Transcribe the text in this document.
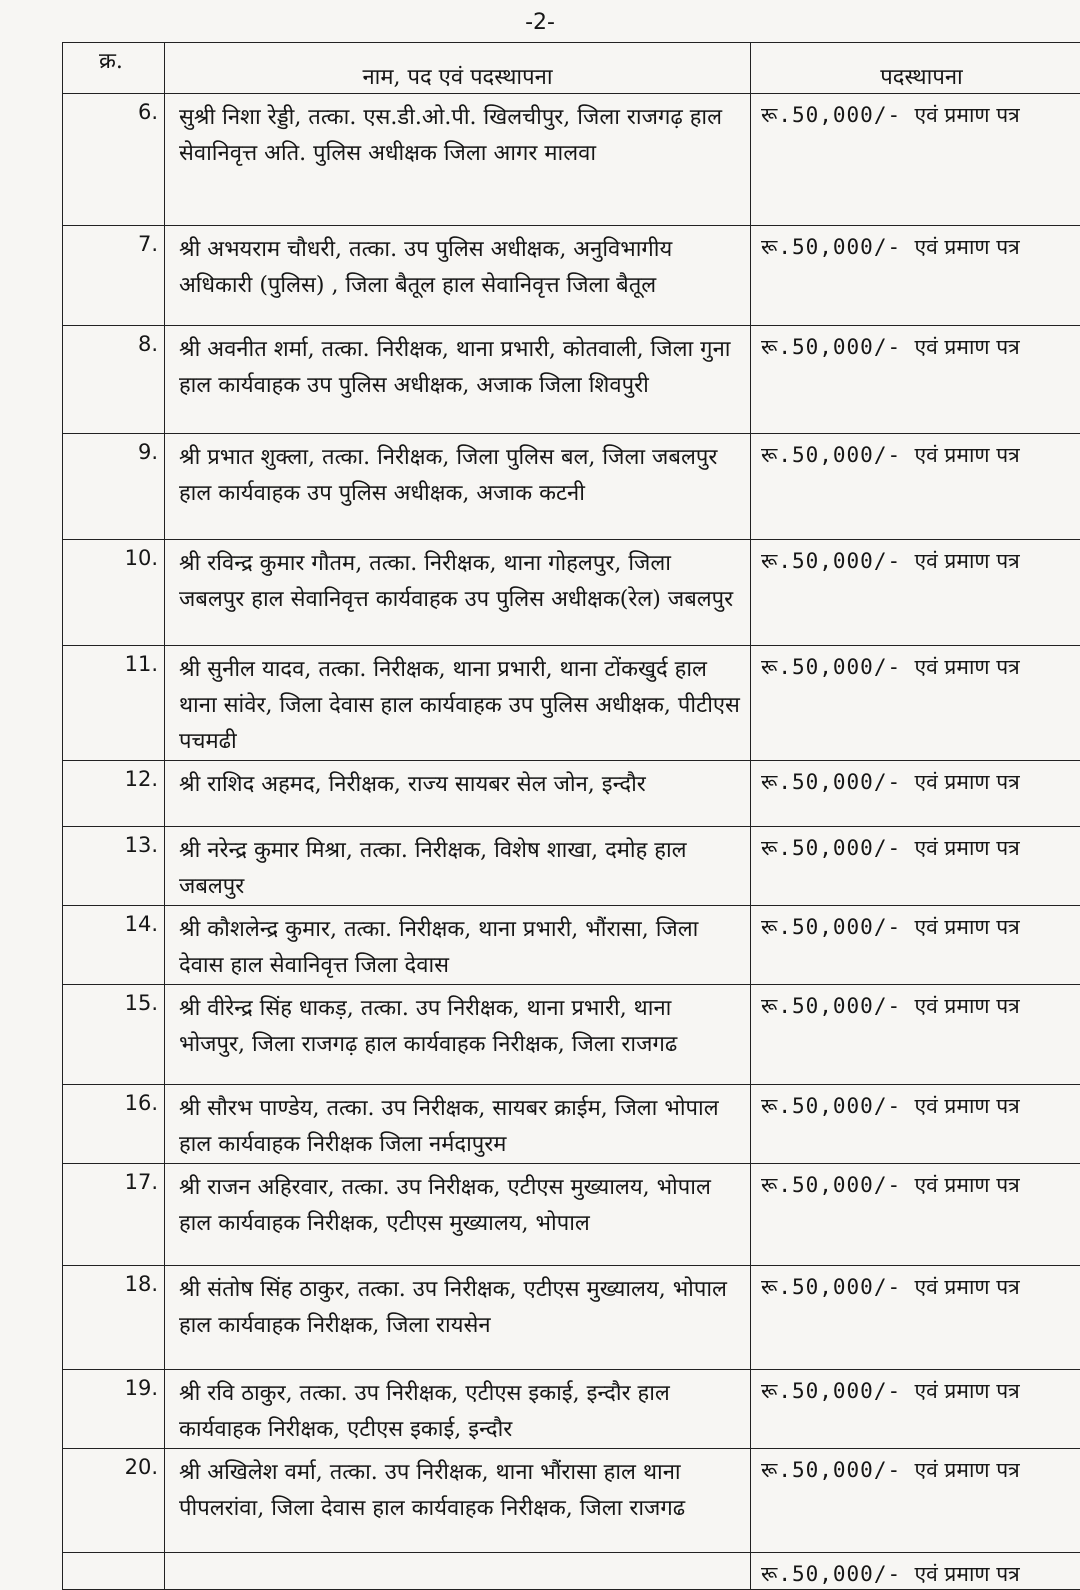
-2-
क्र.	नाम, पद एवं पदस्थापना	पदस्थापना
6.	सुश्री निशा रेड्डी, तत्का. एस.डी.ओ.पी. खिलचीपुर, जिला राजगढ़ हाल सेवानिवृत्त अति. पुलिस अधीक्षक जिला आगर मालवा	रू.50,000/- एवं प्रमाण पत्र
7.	श्री अभयराम चौधरी, तत्का. उप पुलिस अधीक्षक, अनुविभागीय अधिकारी (पुलिस) , जिला बैतूल हाल सेवानिवृत्त जिला बैतूल	रू.50,000/- एवं प्रमाण पत्र
8.	श्री अवनीत शर्मा, तत्का. निरीक्षक, थाना प्रभारी, कोतवाली, जिला गुना हाल कार्यवाहक उप पुलिस अधीक्षक, अजाक जिला शिवपुरी	रू.50,000/- एवं प्रमाण पत्र
9.	श्री प्रभात शुक्ला, तत्का. निरीक्षक, जिला पुलिस बल, जिला जबलपुर हाल कार्यवाहक उप पुलिस अधीक्षक, अजाक कटनी	रू.50,000/- एवं प्रमाण पत्र
10.	श्री रविन्द्र कुमार गौतम, तत्का. निरीक्षक, थाना गोहलपुर, जिला जबलपुर हाल सेवानिवृत्त कार्यवाहक उप पुलिस अधीक्षक(रेल) जबलपुर	रू.50,000/- एवं प्रमाण पत्र
11.	श्री सुनील यादव, तत्का. निरीक्षक, थाना प्रभारी, थाना टोंकखुर्द हाल थाना सांवेर, जिला देवास हाल कार्यवाहक उप पुलिस अधीक्षक, पीटीएस पचमढी	रू.50,000/- एवं प्रमाण पत्र
12.	श्री राशिद अहमद, निरीक्षक, राज्य सायबर सेल जोन, इन्दौर	रू.50,000/- एवं प्रमाण पत्र
13.	श्री नरेन्द्र कुमार मिश्रा, तत्का. निरीक्षक, विशेष शाखा, दमोह हाल जबलपुर	रू.50,000/- एवं प्रमाण पत्र
14.	श्री कौशलेन्द्र कुमार, तत्का. निरीक्षक, थाना प्रभारी, भौंरासा, जिला देवास हाल सेवानिवृत्त जिला देवास	रू.50,000/- एवं प्रमाण पत्र
15.	श्री वीरेन्द्र सिंह धाकड़, तत्का. उप निरीक्षक, थाना प्रभारी, थाना भोजपुर, जिला राजगढ़ हाल कार्यवाहक निरीक्षक, जिला राजगढ	रू.50,000/- एवं प्रमाण पत्र
16.	श्री सौरभ पाण्डेय, तत्का. उप निरीक्षक, सायबर क्राईम, जिला भोपाल हाल कार्यवाहक निरीक्षक जिला नर्मदापुरम	रू.50,000/- एवं प्रमाण पत्र
17.	श्री राजन अहिरवार, तत्का. उप निरीक्षक, एटीएस मुख्यालय, भोपाल हाल कार्यवाहक निरीक्षक, एटीएस मुख्यालय, भोपाल	रू.50,000/- एवं प्रमाण पत्र
18.	श्री संतोष सिंह ठाकुर, तत्का. उप निरीक्षक, एटीएस मुख्यालय, भोपाल हाल कार्यवाहक निरीक्षक, जिला रायसेन	रू.50,000/- एवं प्रमाण पत्र
19.	श्री रवि ठाकुर, तत्का. उप निरीक्षक, एटीएस इकाई, इन्दौर हाल कार्यवाहक निरीक्षक, एटीएस इकाई, इन्दौर	रू.50,000/- एवं प्रमाण पत्र
20.	श्री अखिलेश वर्मा, तत्का. उप निरीक्षक, थाना भौंरासा हाल थाना पीपलरांवा, जिला देवास हाल कार्यवाहक निरीक्षक, जिला राजगढ	रू.50,000/- एवं प्रमाण पत्र
		रू.50,000/- एवं प्रमाण पत्र
